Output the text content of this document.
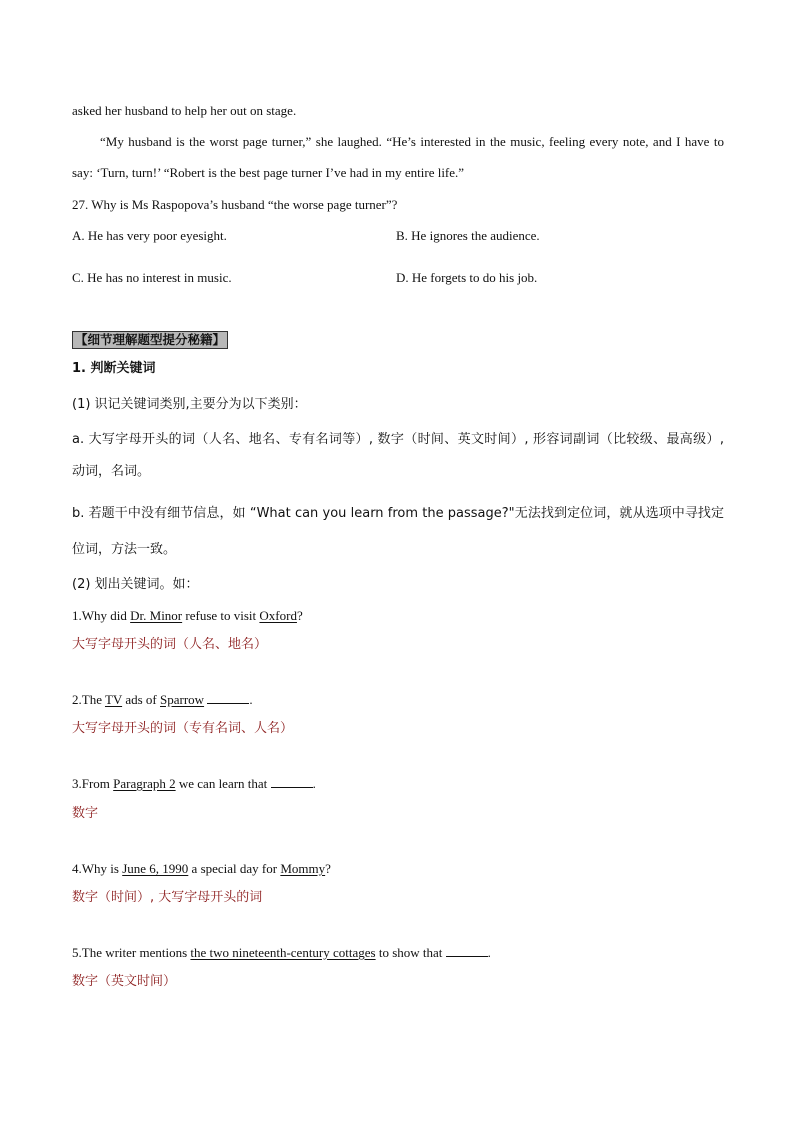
asked her husband to help her out on stage.
“My husband is the worst page turner,” she laughed. “He’s interested in the music, feeling every note, and I have to say: ‘Turn, turn!’ “Robert is the best page turner I’ve had in my entire life.”
27. Why is Ms Raspopova’s husband “the worse page turner”?
A. He has very poor eyesight.	B. He ignores the audience.
C. He has no interest in music.	D. He forgets to do his job.
【细节理解题型提分秘籍】
1. 判断关键词
(1) 识记关键词类别,主要分为以下类别：
a. 大写字母开头的词（人名、地名、专有名词等）, 数字（时间、英文时间）, 形容词副词（比较级、最高级）, 动词，名词。
b. 若题干中没有细节信息，如 “What can you learn from the passage?"无法找到定位词，就从选项中寻找定位词，方法一致。
(2) 划出关键词。如：
1.Why did Dr. Minor refuse to visit Oxford?
大写字母开头的词（人名、地名）
2.The TV ads of Sparrow	.
大写字母开头的词（专有名词、人名）
3.From Paragraph 2 we can learn that	.
数字
4.Why is June 6, 1990 a special day for Mommy?
数字（时间）, 大写字母开头的词
5.The writer mentions the two nineteenth-century cottages to show that	.
数字（英文时间）
